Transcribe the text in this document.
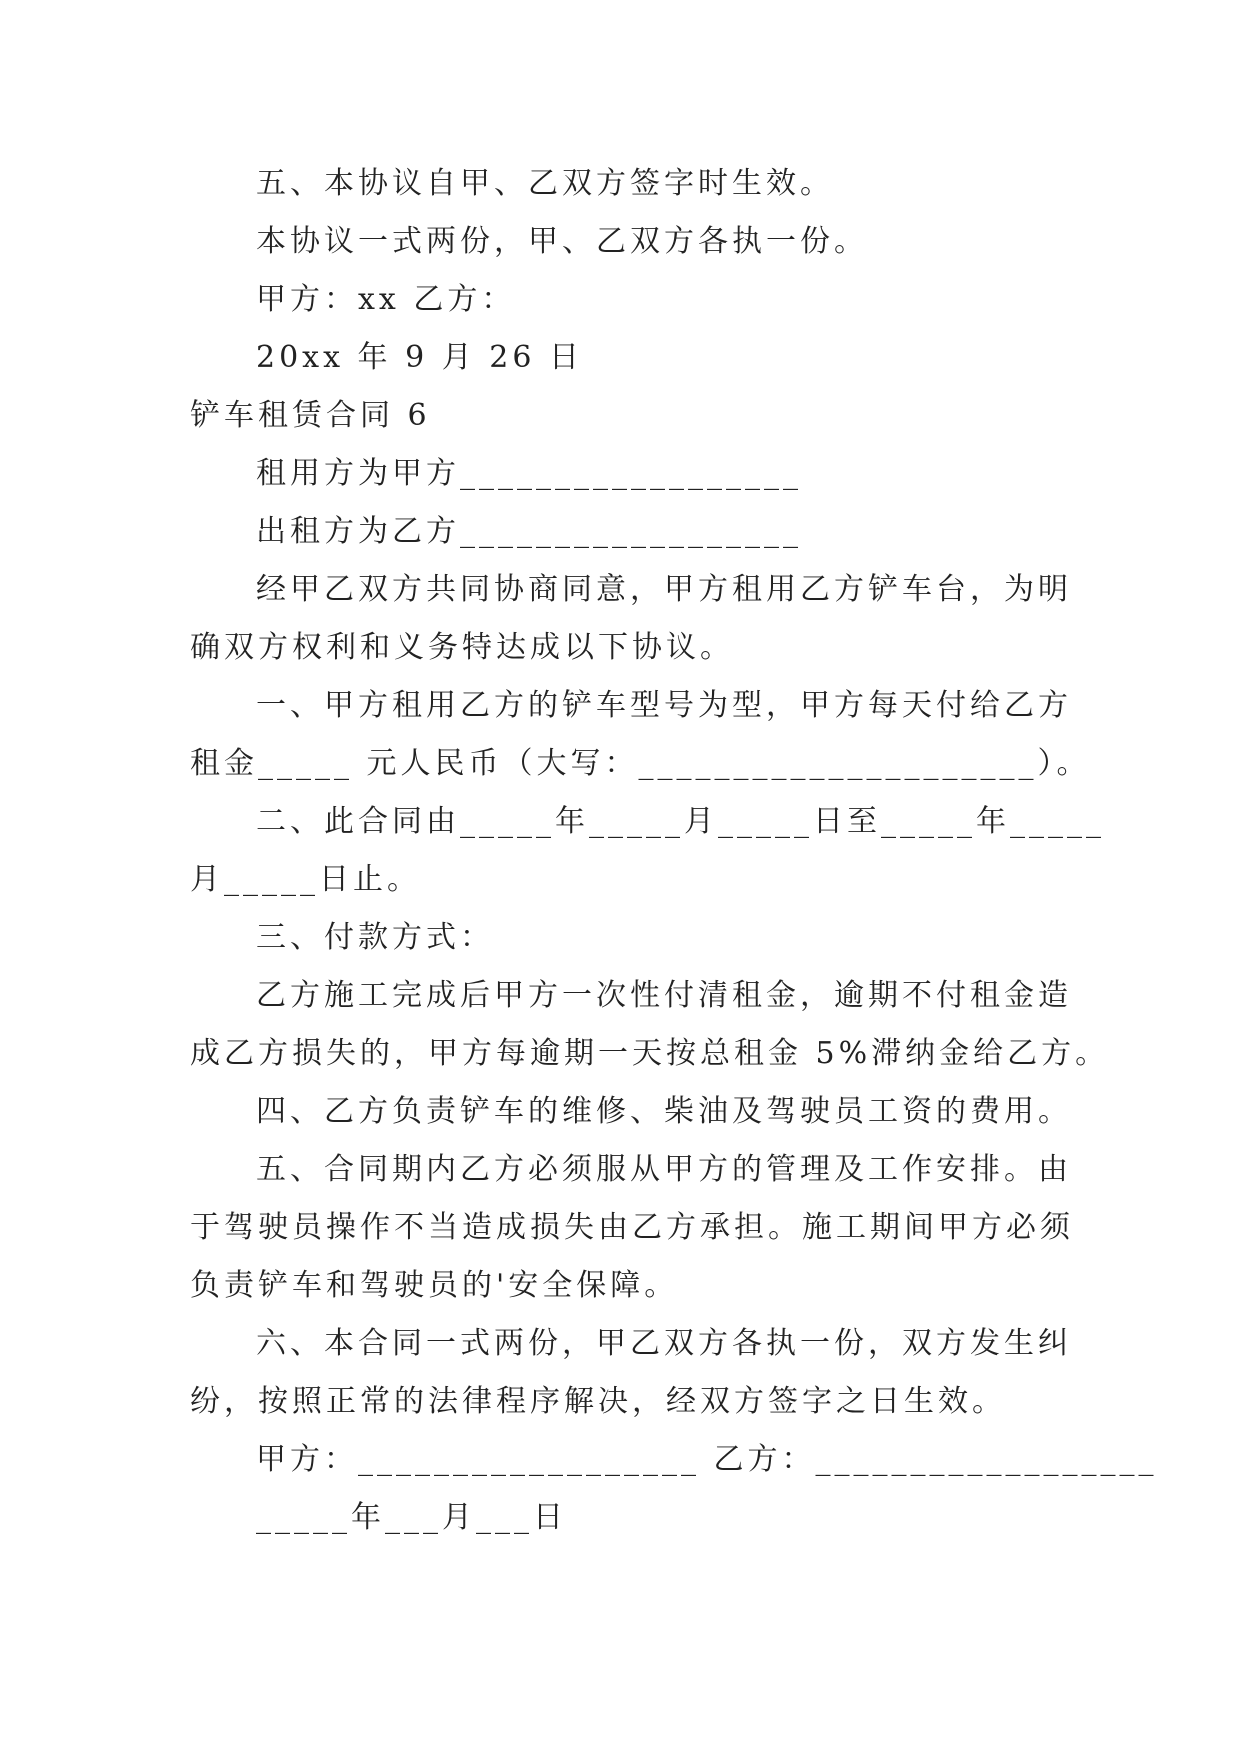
五、本协议自甲、乙双方签字时生效。
本协议一式两份，甲、乙双方各执一份。
甲方：xx 乙方：
20xx 年 9 月 26 日
铲车租赁合同 6
租用方为甲方__________________
出租方为乙方__________________
经甲乙双方共同协商同意，甲方租用乙方铲车台，为明
确双方权利和义务特达成以下协议。
一、甲方租用乙方的铲车型号为型，甲方每天付给乙方
租金_____ 元人民币（大写：_____________________）。
二、此合同由_____年_____月_____日至_____年_____
月_____日止。
三、付款方式：
乙方施工完成后甲方一次性付清租金，逾期不付租金造
成乙方损失的，甲方每逾期一天按总租金 5%滞纳金给乙方。
四、乙方负责铲车的维修、柴油及驾驶员工资的费用。
五、合同期内乙方必须服从甲方的管理及工作安排。由
于驾驶员操作不当造成损失由乙方承担。施工期间甲方必须
负责铲车和驾驶员的'安全保障。
六、本合同一式两份，甲乙双方各执一份，双方发生纠
纷，按照正常的法律程序解决，经双方签字之日生效。
甲方：__________________ 乙方：__________________
_____年___月___日
